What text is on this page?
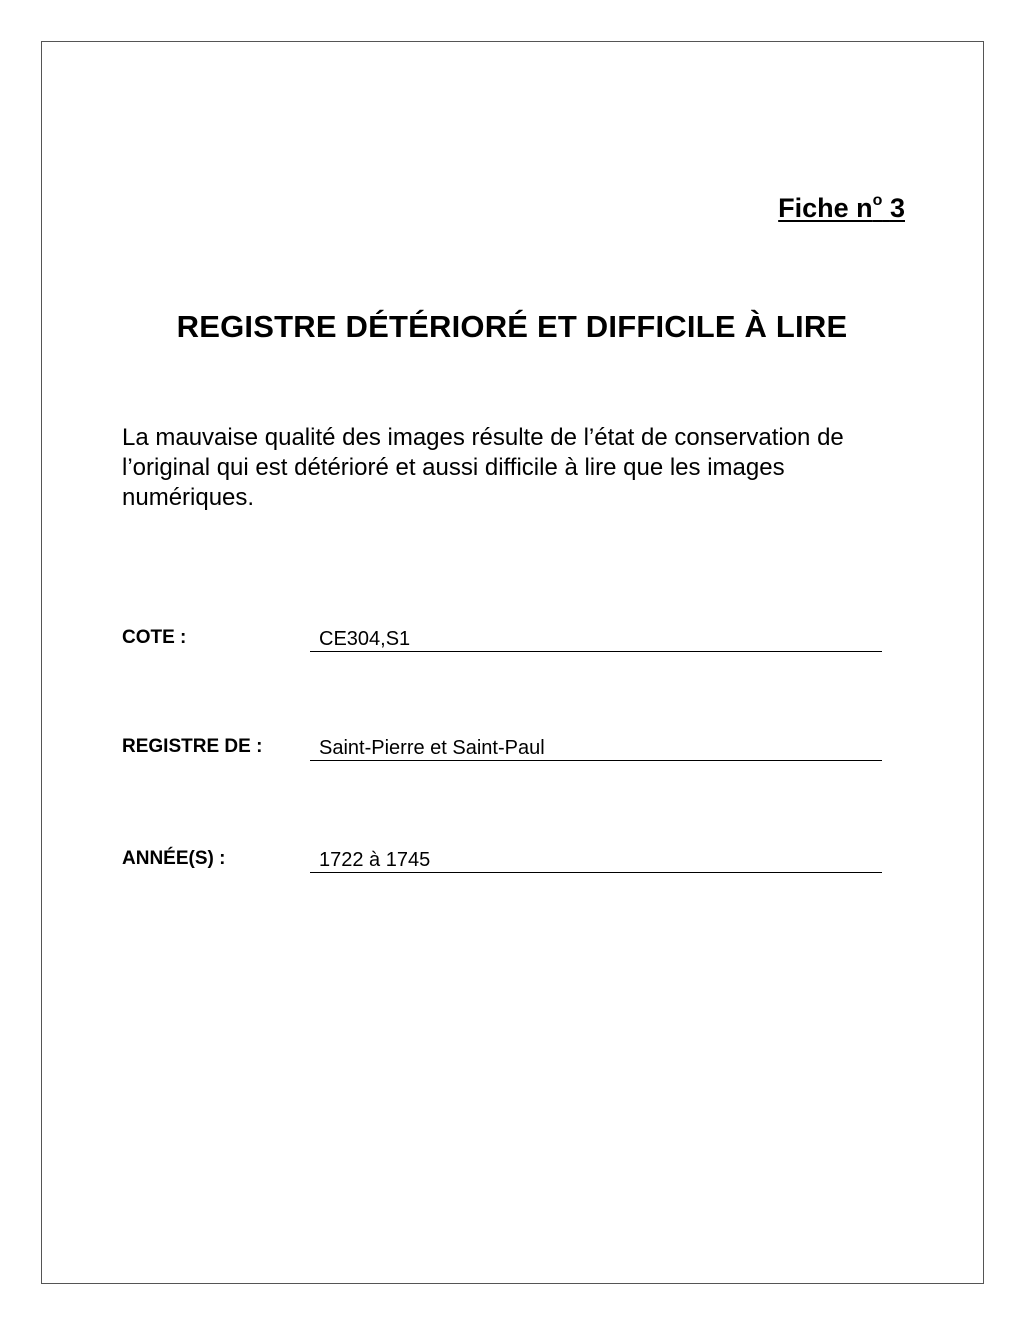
Fiche $n^o$ 3
REGISTRE DÉTÉRIORÉ ET DIFFICILE À LIRE

La mauvaise qualité des images résulte de l’état de conservation de l’original qui est détérioré et aussi difficile à lire que les images numériques.

COTE :	CE304,S1
REGISTRE DE :	Saint-Pierre et Saint-Paul
ANNÉE(S) :	1722 à 1745
